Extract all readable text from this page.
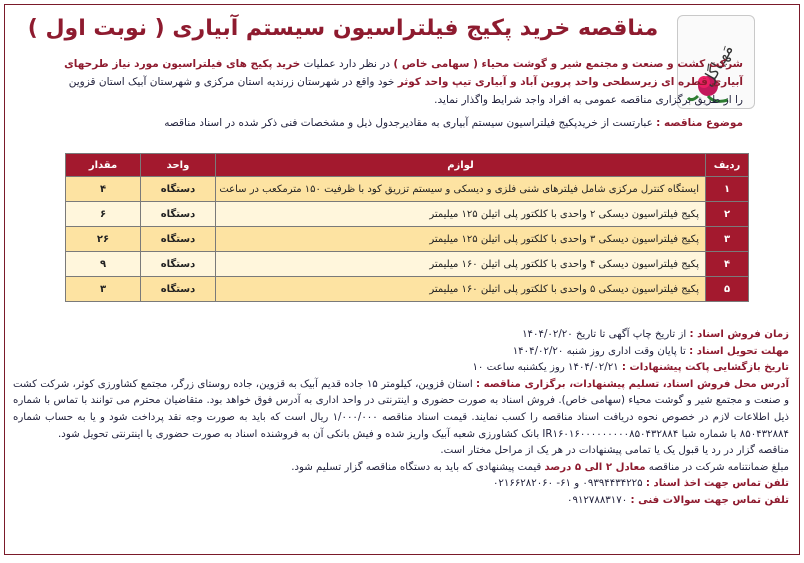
مَهیاگل
مناقصه خرید پکیج فیلتراسیون سیستم آبیاری ( نوبت اول )
شرکت کشت و صنعت و مجتمع شیر و گوشت محیاء ( سهامی خاص ) در نظر دارد عملیات خرید پکیج های فیلتراسیون مورد نیاز طرحهای آبیاری قطره ای زیرسطحی واحد پروین آباد و آبیاری تیپ واحد کوثر خود واقع در شهرستان زرندیه استان مرکزی و شهرستان آبیک استان قزوین را از طریق برگزاری مناقصه عمومی به افراد واجد شرایط واگذار نماید.
موضوع مناقصه : عبارتست از خریدپکیج فیلتراسیون سیستم آبیاری به مقادیرجدول ذیل و مشخصات فنی ذکر شده در اسناد مناقصه
ردیف	لوازم	واحد	مقدار
۱	ایستگاه کنترل مرکزی شامل فیلترهای شنی فلزی و دیسکی و سیستم تزریق کود با ظرفیت ۱۵۰ مترمکعب در ساعت	دستگاه	۴
۲	پکیج فیلتراسیون دیسکی ۲ واحدی با کلکتور پلی اتیلن ۱۲۵ میلیمتر	دستگاه	۶
۳	پکیج فیلتراسیون دیسکی ۳ واحدی با کلکتور پلی اتیلن ۱۲۵ میلیمتر	دستگاه	۲۶
۴	پکیج فیلتراسیون دیسکی ۴ واحدی با کلکتور پلی اتیلن ۱۶۰ میلیمتر	دستگاه	۹
۵	پکیج فیلتراسیون دیسکی ۵ واحدی با کلکتور پلی اتیلن ۱۶۰ میلیمتر	دستگاه	۳
زمان فروش اسناد : از تاریخ چاپ آگهی تا تاریخ ۱۴۰۴/۰۲/۲۰
مهلت تحویل اسناد : تا پایان وقت اداری روز شنبه ۱۴۰۴/۰۲/۲۰
تاریخ بازگشایی پاکت پیشنهادات : ۱۴۰۴/۰۲/۲۱ روز یکشنبه ساعت ۱۰
آدرس محل فروش اسناد، تسلیم پیشنهادات، برگزاری مناقصه : استان قزوین، کیلومتر ۱۵ جاده قدیم آبیک به قزوین، جاده روستای زرگر، مجتمع کشاورزی کوثر، شرکت کشت و صنعت و مجتمع شیر و گوشت محیاء (سهامی خاص). فروش اسناد به صورت حضوری و اینترنتی در واحد اداری به آدرس فوق خواهد بود. متقاضیان محترم می توانند با تماس با شماره ذیل اطلاعات لازم در خصوص نحوه دریافت اسناد مناقصه را کسب نمایند. قیمت اسناد مناقصه ۱/۰۰۰/۰۰۰ ریال است که باید به صورت وجه نقد پرداخت شود و یا به حساب شماره ۸۵۰۴۳۲۸۸۴ با شماره شبا IR۱۶۰۱۶۰۰۰۰۰۰۰۰۰۸۵۰۴۳۲۸۸۴ بانک کشاورزی شعبه آبیک واریز شده و فیش بانکی آن به فروشنده اسناد به صورت حضوری یا اینترنتی تحویل شود.
مناقصه گزار در رد یا قبول یک یا تمامی پیشنهادات در هر یک از مراحل مختار است.
مبلغ ضمانتنامه شرکت در مناقصه معادل ۲ الی ۵ درصد قیمت پیشنهادی که باید به دستگاه مناقصه گزار تسلیم شود.
تلفن تماس جهت اخذ اسناد : ۰۹۳۹۴۴۳۴۲۲۵ و ۶۱- ۰۲۱۶۶۲۸۲۰۶۰
تلفن تماس جهت سوالات فنی : ۰۹۱۲۷۸۸۳۱۷۰
